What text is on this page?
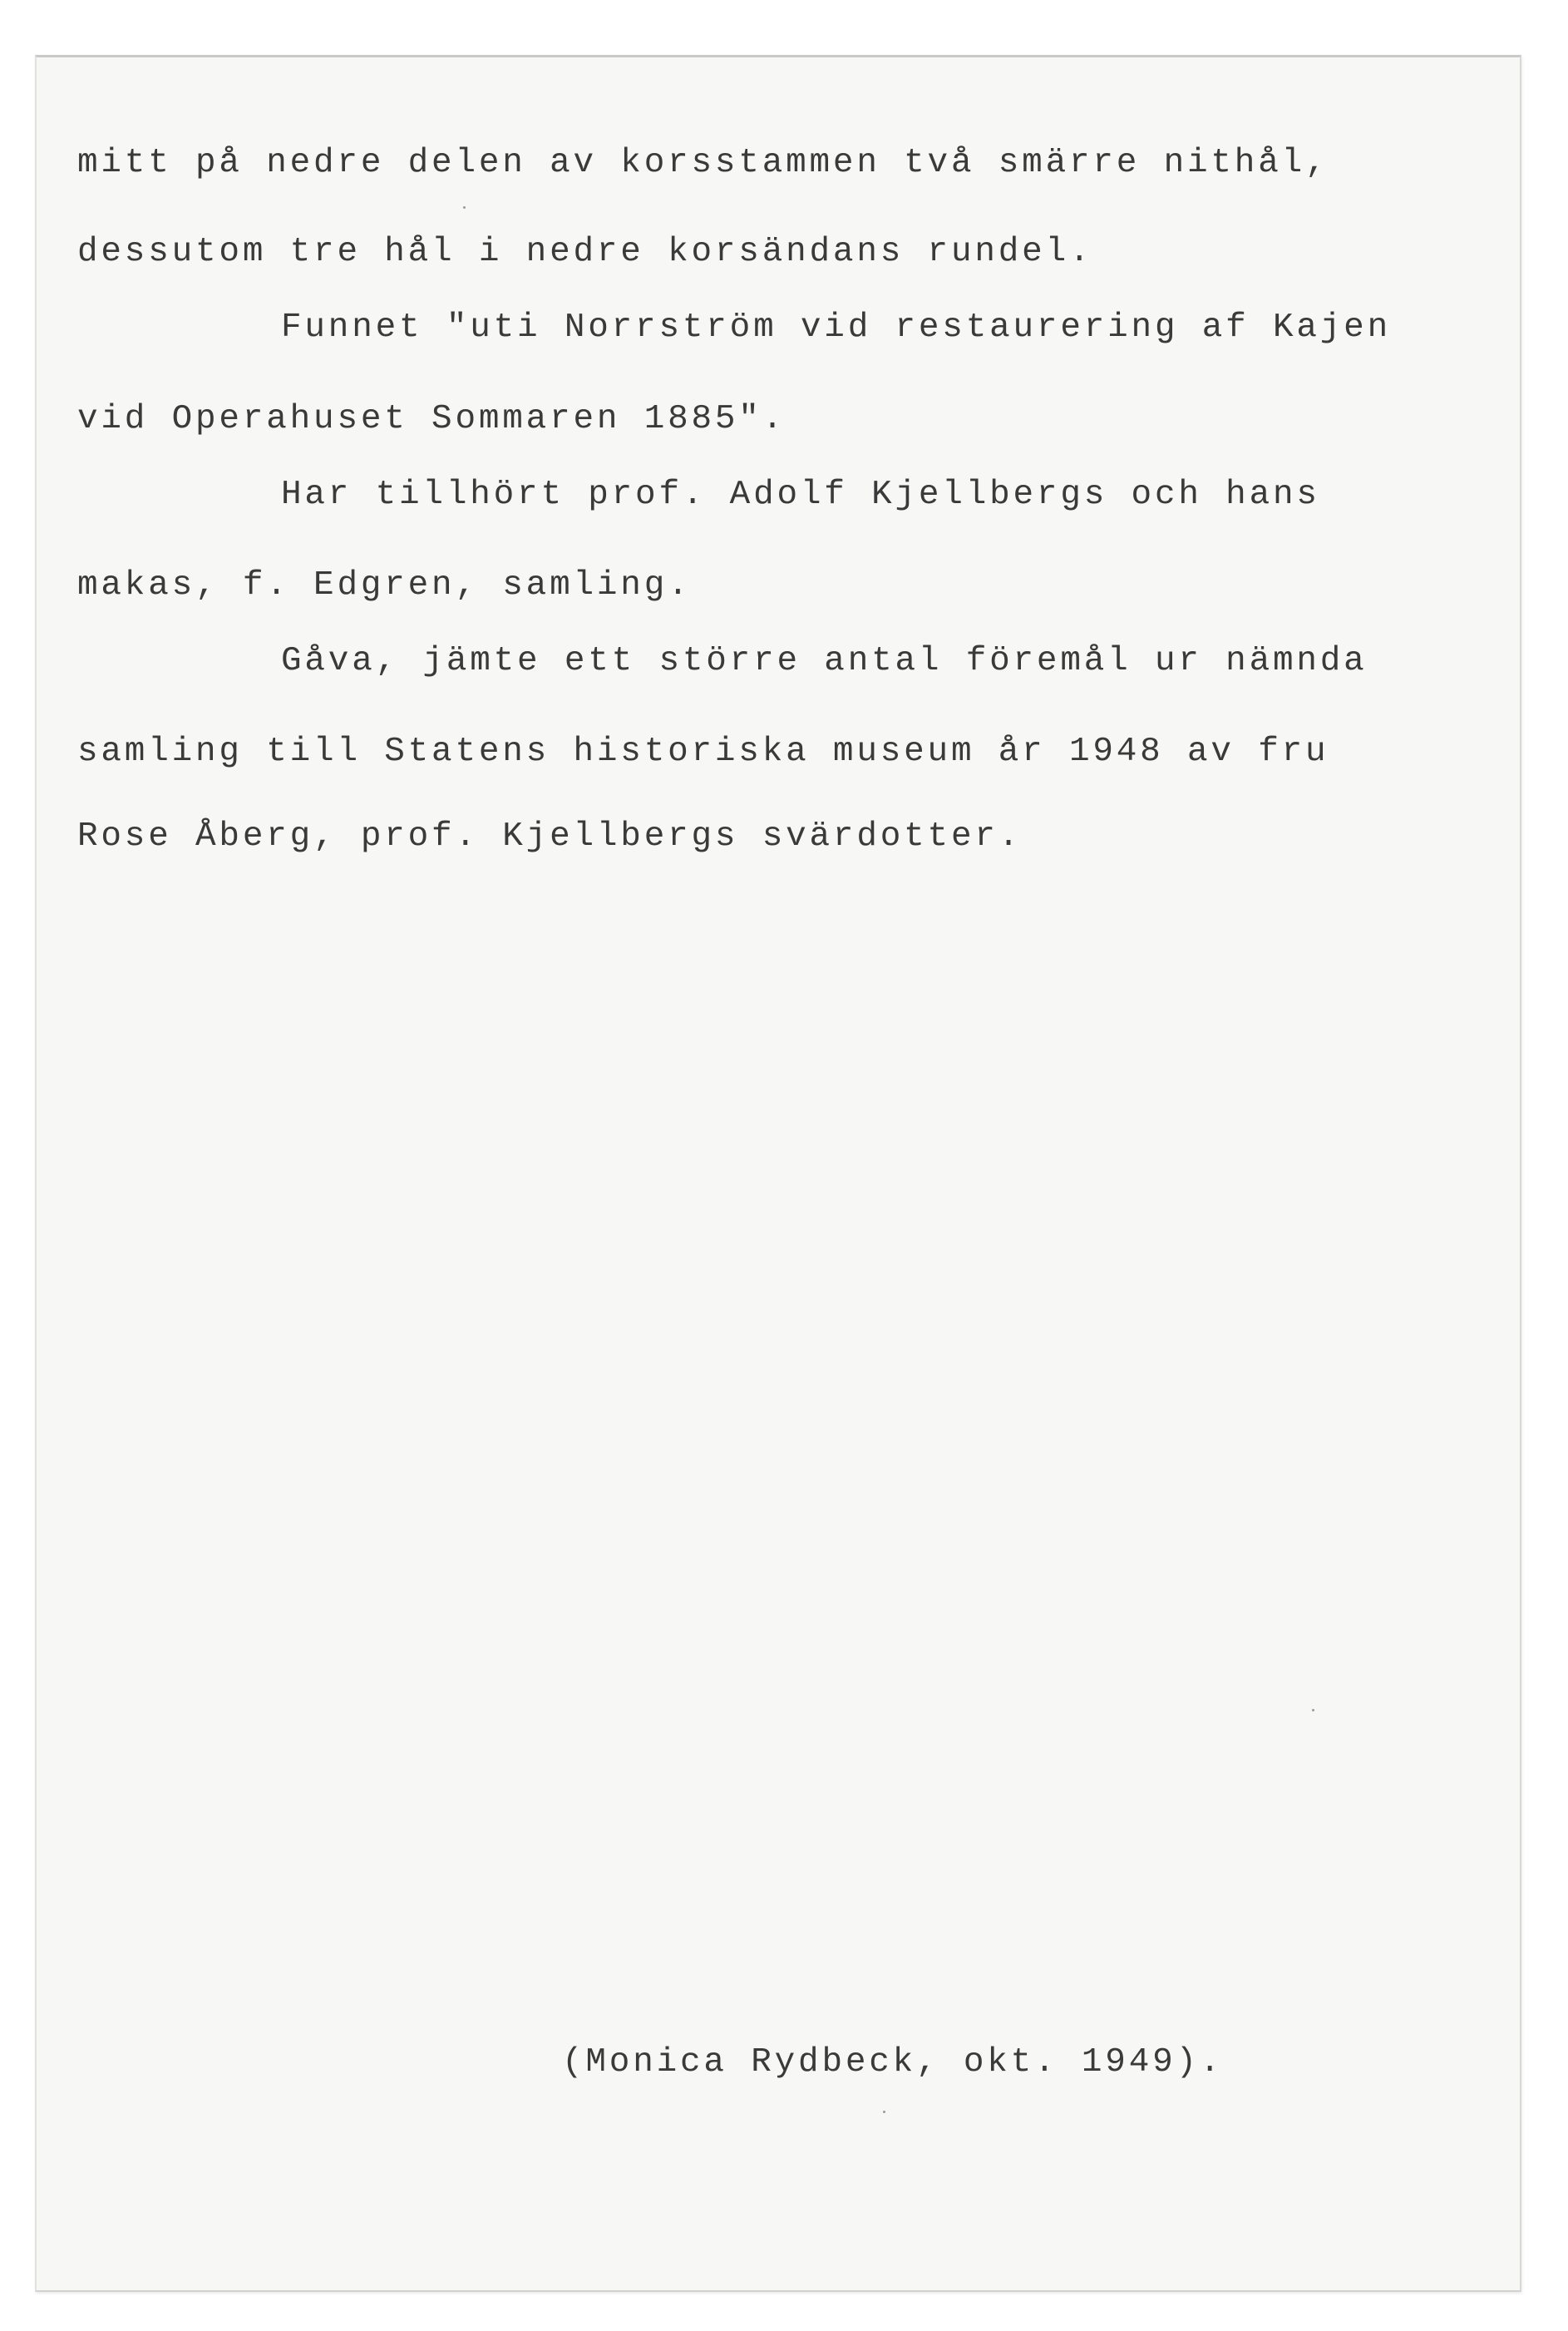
mitt på nedre delen av korsstammen två smärre nithål,

dessutom tre hål i nedre korsändans rundel.

Funnet "uti Norrström vid restaurering af Kajen

vid Operahuset Sommaren 1885".

Har tillhört prof. Adolf Kjellbergs och hans

makas, f. Edgren, samling.

Gåva, jämte ett större antal föremål ur nämnda

samling till Statens historiska museum år 1948 av fru

Rose Åberg, prof. Kjellbergs svärdotter.

(Monica Rydbeck, okt. 1949).
